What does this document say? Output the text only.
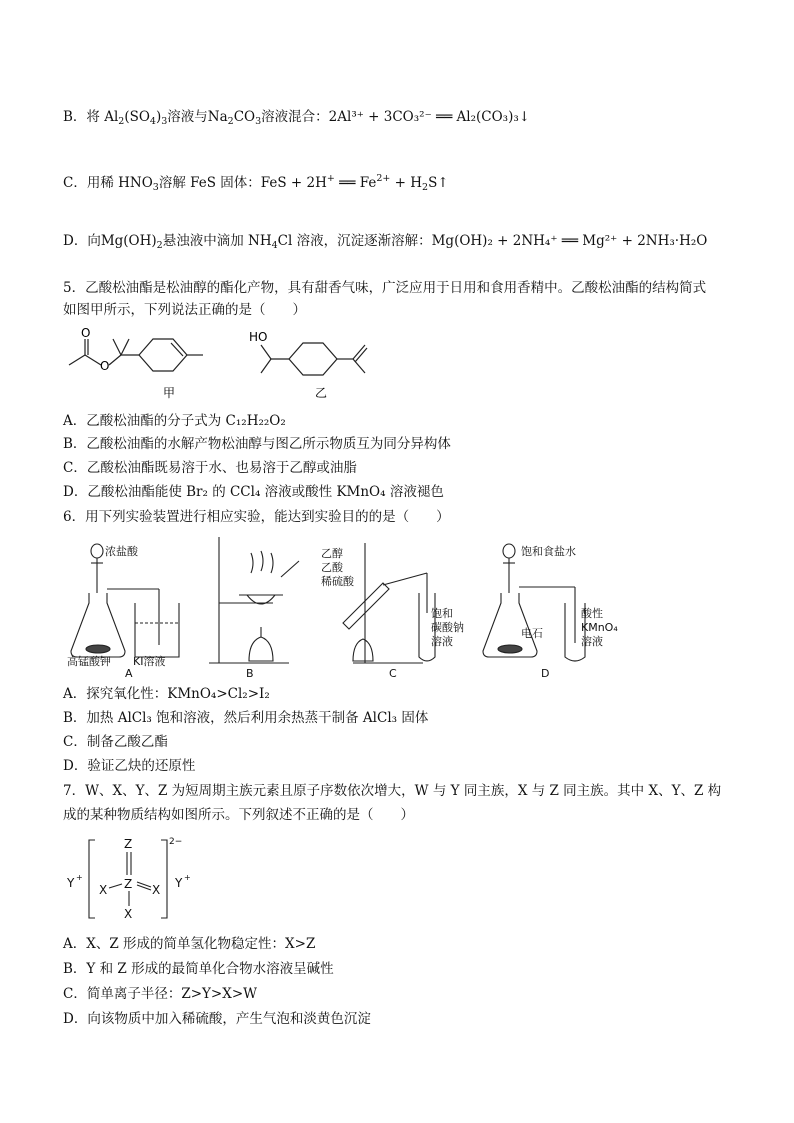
B．将 $Al_2(SO_4)_3$溶液与$Na_2CO_3$溶液混合：2Al³⁺ + 3CO₃²⁻ ══ Al₂(CO₃)₃↓
C．用稀 $HNO_3$溶解 FeS 固体：FeS + 2H+ ══ $Fe^{2+}$ + $H_2S↑$
D．向$Mg(OH)_2$悬浊液中滴加 $NH_4Cl$ 溶液，沉淀逐渐溶解：Mg(OH)₂ + 2NH₄⁺ ══ Mg²⁺ + 2NH₃·H₂O
5．乙酸松油酯是松油醇的酯化产物，具有甜香气味，广泛应用于日用和食用香精中。乙酸松油酯的结构简式
如图甲所示，下列说法正确的是（　　）
O
O
甲
HO
乙
A．乙酸松油酯的分子式为 C₁₂H₂₂O₂
B．乙酸松油酯的水解产物松油醇与图乙所示物质互为同分异构体
C．乙酸松油酯既易溶于水、也易溶于乙醇或油脂
D．乙酸松油酯能使 Br₂ 的 CCl₄ 溶液或酸性 KMnO₄ 溶液褪色
6．用下列实验装置进行相应实验，能达到实验目的的是（　　）
浓盐酸
高锰酸钾 KI溶液
A	B
乙醇
乙酸
稀硫酸
饱和
碳酸钠
溶液
C
饱和食盐水
电石
酸性
KMnO₄
溶液
D
A．探究氧化性：KMnO₄>Cl₂>I₂
B．加热 AlCl₃ 饱和溶液，然后利用余热蒸干制备 AlCl₃ 固体
C．制备乙酸乙酯
D．验证乙炔的还原性
7．W、X、Y、Z 为短周期主族元素且原子序数依次增大，W 与 Y 同主族，X 与 Z 同主族。其中 X、Y、Z 构
成的某种物质结构如图所示。下列叙述不正确的是（　　）
Y +
Z
Z
X	X
X
Y +
2−
A．X、Z 形成的简单氢化物稳定性：X>Z
B．Y 和 Z 形成的最简单化合物水溶液呈碱性
C．简单离子半径：Z>Y>X>W
D．向该物质中加入稀硫酸，产生气泡和淡黄色沉淀
